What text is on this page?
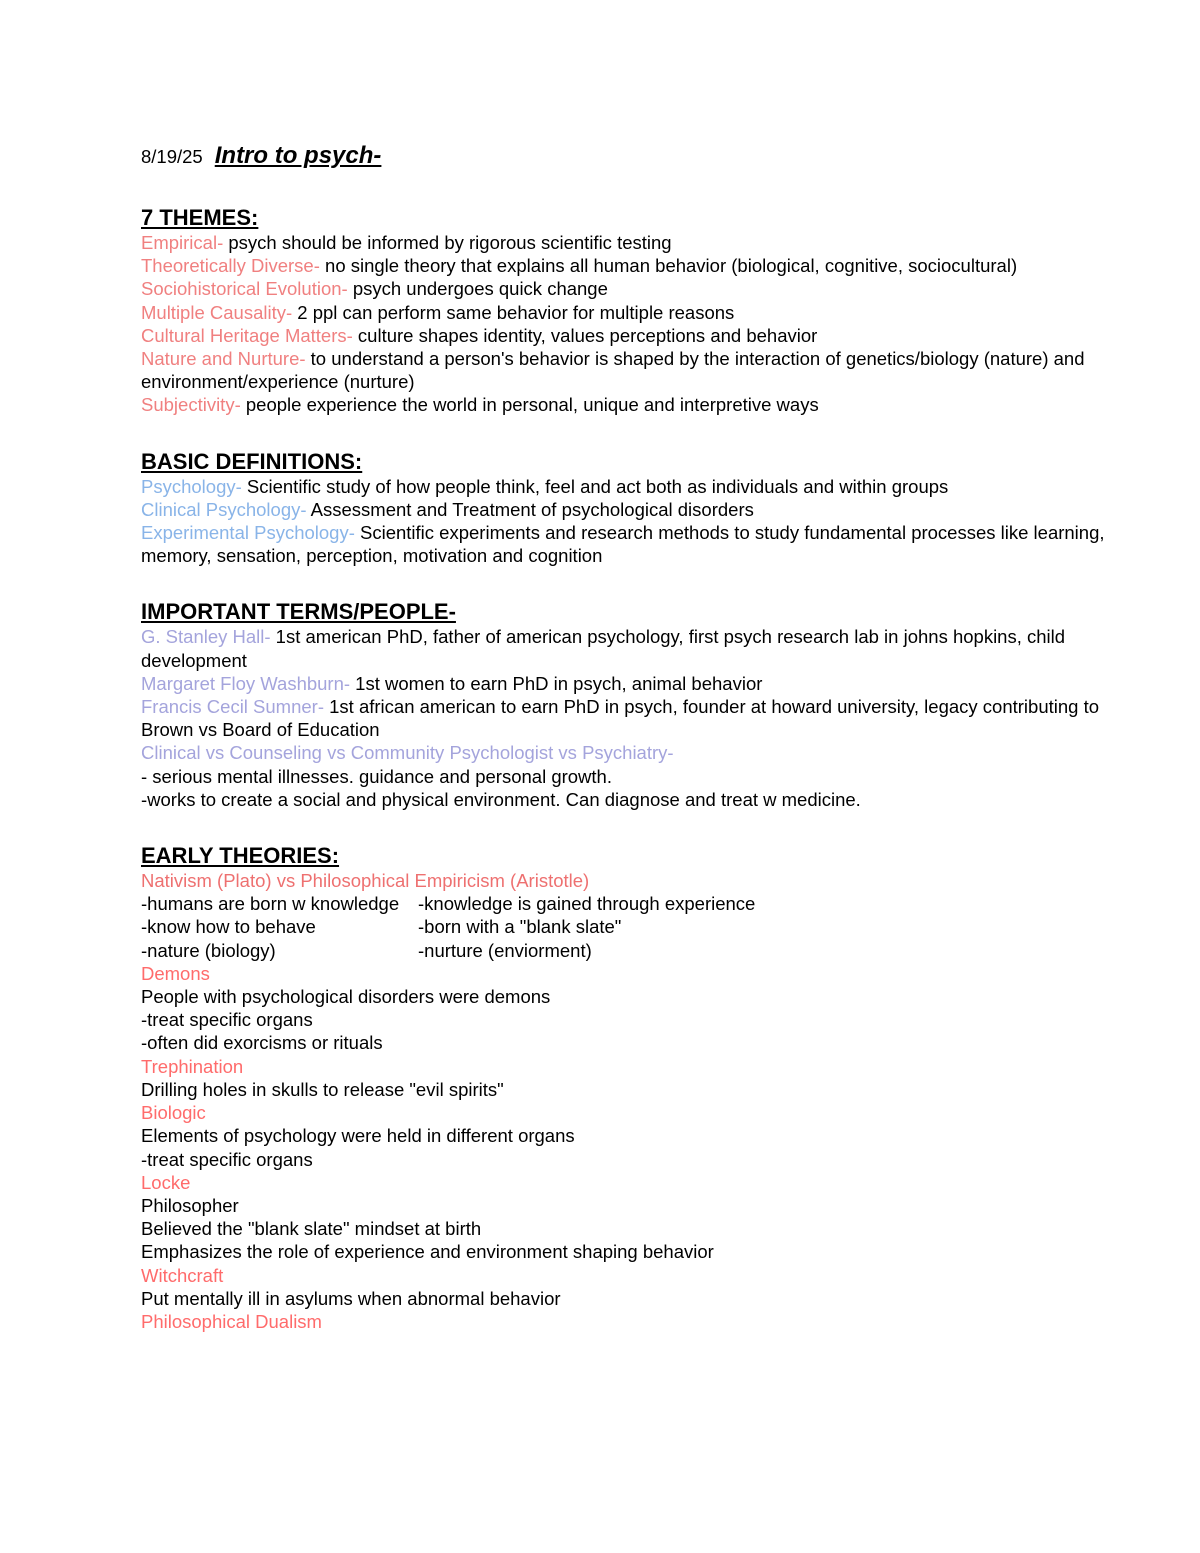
8/19/25 Intro to psych-
7 THEMES:
Empirical- psych should be informed by rigorous scientific testing
Theoretically Diverse- no single theory that explains all human behavior (biological, cognitive, sociocultural)
Sociohistorical Evolution- psych undergoes quick change
Multiple Causality- 2 ppl can perform same behavior for multiple reasons
Cultural Heritage Matters- culture shapes identity, values perceptions and behavior
Nature and Nurture- to understand a person's behavior is shaped by the interaction of genetics/biology (nature) and environment/experience (nurture)
Subjectivity- people experience the world in personal, unique and interpretive ways
BASIC DEFINITIONS:
Psychology- Scientific study of how people think, feel and act both as individuals and within groups
Clinical Psychology- Assessment and Treatment of psychological disorders
Experimental Psychology- Scientific experiments and research methods to study fundamental processes like learning, memory, sensation, perception, motivation and cognition
IMPORTANT TERMS/PEOPLE-
G. Stanley Hall- 1st american PhD, father of american psychology, first psych research lab in johns hopkins, child development
Margaret Floy Washburn- 1st women to earn PhD in psych, animal behavior
Francis Cecil Sumner- 1st african american to earn PhD in psych, founder at howard university, legacy contributing to Brown vs Board of Education
Clinical vs Counseling vs Community Psychologist vs Psychiatry-
- serious mental illnesses. guidance and personal growth.
-works to create a social and physical environment. Can diagnose and treat w medicine.
EARLY THEORIES:
Nativism (Plato) vs Philosophical Empiricism (Aristotle)
-humans are born w knowledge	-knowledge is gained through experience
-know how to behave	-born with a "blank slate"
-nature (biology)	-nurture (enviorment)
Demons
People with psychological disorders were demons
-treat specific organs
-often did exorcisms or rituals
Trephination
Drilling holes in skulls to release "evil spirits"
Biologic
Elements of psychology were held in different organs
-treat specific organs
Locke
Philosopher
Believed the "blank slate" mindset at birth
Emphasizes the role of experience and environment shaping behavior
Witchcraft
Put mentally ill in asylums when abnormal behavior
Philosophical Dualism
